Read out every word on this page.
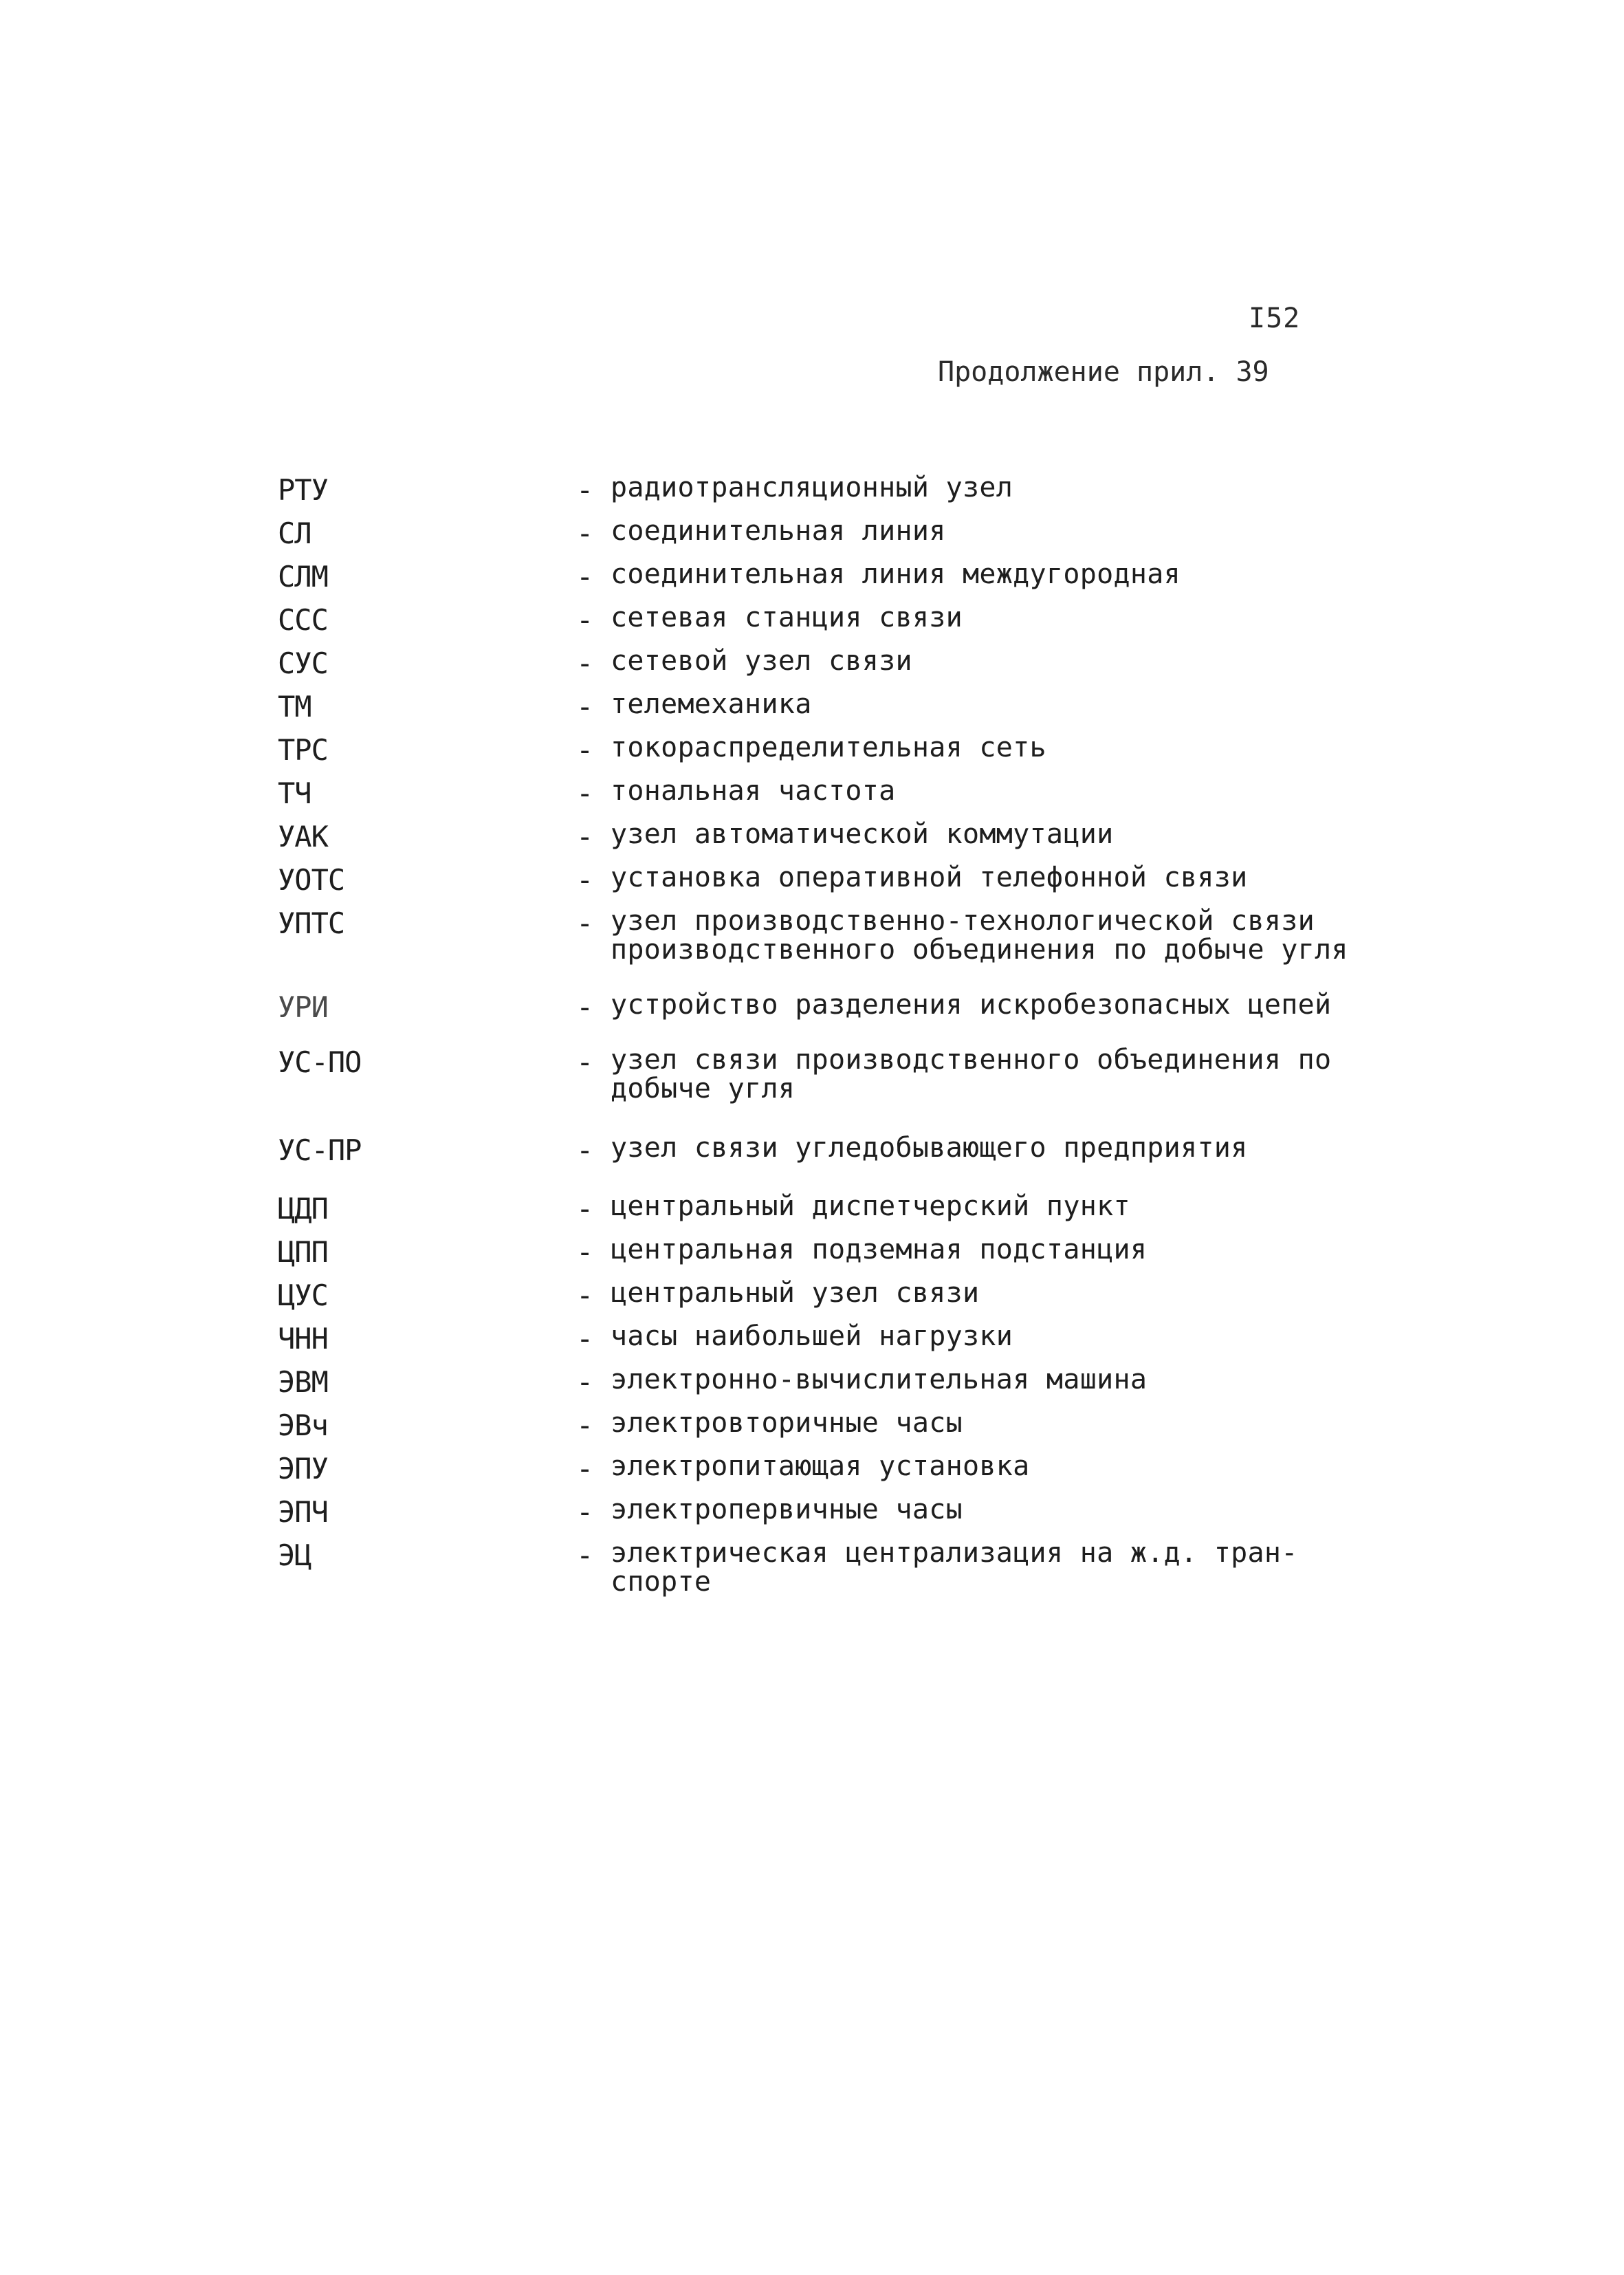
I52
Продолжение прил. 39
РТУ	- радиотрансляционный узел
СЛ	- соединительная линия
СЛМ	- соединительная линия междугородная
ССС	- сетевая станция связи
СУС	- сетевой узел связи
ТМ	- телемеханика
ТРС	- токораспределительная сеть
ТЧ	- тональная частота
УАК	- узел автоматической коммутации
УОТС	- установка оперативной телефонной связи
УПТС	- узел производственно-технологической связи
производственного объединения по добыче угля
УРИ	- устройство разделения искробезопасных цепей
УС-ПО	- узел связи производственного объединения по
добыче угля
УС-ПР	- узел связи угледобывающего предприятия
ЦДП	- центральный диспетчерский пункт
ЦПП	- центральная подземная подстанция
ЦУС	- центральный узел связи
ЧНН	- часы наибольшей нагрузки
ЭВМ	- электронно-вычислительная машина
ЭВч	- электровторичные часы
ЭПУ	- электропитающая установка
ЭПЧ	- электропервичные часы
ЭЦ	- электрическая централизация на ж.д. тран-
спорте
